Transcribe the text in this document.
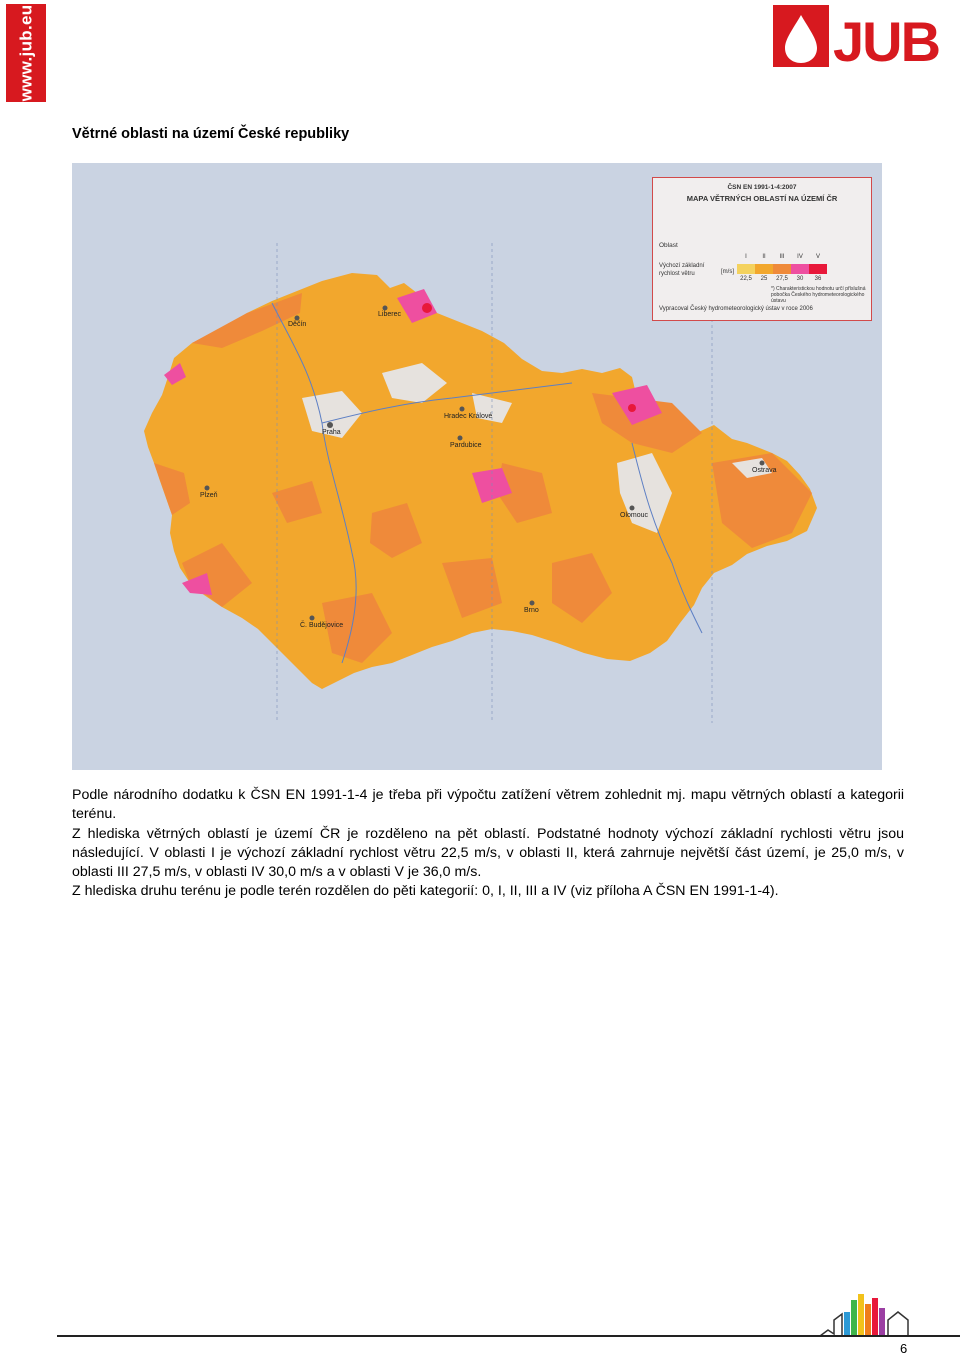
www.jub.eu	JUB
Větrné oblasti na území České republiky
ČSN EN 1991-1-4:2007
MAPA VĚTRNÝCH OBLASTÍ NA ÚZEMÍ ČR
Oblast
I	II	III	IV	V
Výchozí základní rychlost větru	[m/s]
22,5	25	27,5	30	36
*) Charakteristickou hodnotu určí příslušná pobočka Českého hydrometeorologického ústavu
Vypracoval Český hydrometeorologický ústav v roce 2006
Liberec
Děčín
Praha
Hradec Králové
Pardubice
Plzeň
Olomouc
Ostrava
Č. Budějovice
Brno

Podle národního dodatku k ČSN EN 1991-1-4 je třeba při výpočtu zatížení větrem zohlednit mj. mapu větrných oblastí a kategorii terénu.

Z hlediska větrných oblastí je území ČR je rozděleno na pět oblastí. Podstatné hodnoty výchozí základní rychlosti větru jsou následující. V oblasti I je výchozí základní rychlost větru 22,5 m/s, v oblasti II, která zahrnuje největší část území, je 25,0 m/s, v oblasti III 27,5 m/s, v oblasti IV 30,0 m/s a v oblasti V je 36,0 m/s.

Z hlediska druhu terénu je podle terén rozdělen do pěti kategorií: 0, I, II, III a IV (viz příloha A ČSN EN 1991-1-4).

6
